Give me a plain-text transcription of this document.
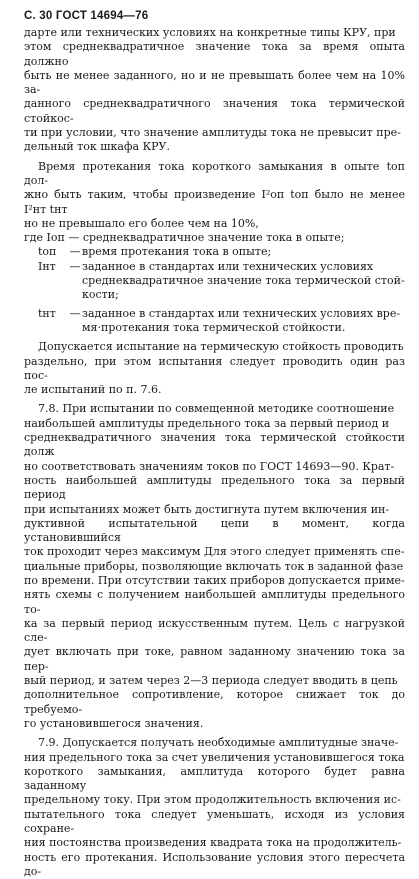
С. 30 ГОСТ 14694—76

дарте или технических условиях на конкретные типы КРУ, при

этом среднеквадратичное значение тока за время опыта должно

быть не менее заданного, но и не превышать более чем на 10% за-

данного среднеквадратичного значения тока термической стойкос-

ти при условии, что значение амплитуды тока не превысит пре-

дельный ток шкафа КРУ.

Время протекания тока короткого замыкания в опыте tоп дол-

жно быть таким, чтобы произведение I²оп tоп было не менее I²нт tнт

но не превышало его более чем на 10%,

где Iоп — среднеквадратичное значение тока в опыте;

tоп	— время протекания тока в опыте;
Iнт	— заданное в стандартах или технических условиях
среднеквадратичное значение тока термической стой-
кости;
tнт	— заданное в стандартах или технических условиях вре-
мя·протекания тока термической стойкости.

Допускается испытание на термическую стойкость проводить

раздельно, при этом испытания следует проводить один раз пос-

ле испытаний по п. 7.6.

7.8. При испытании по совмещенной методике соотношение

наибольшей амплитуды предельного тока за первый период и

среднеквадратичного значения тока термической стойкости долж

но соответствовать значениям токов по ГОСТ 14693—90. Крат-

ность наибольшей амплитуды предельного тока за первый период

при испытаниях может быть достигнута путем включения ин-

дуктивной испытательной цепи в момент, когда установившийся

ток проходит через максимум Для этого следует применять спе-

циальные приборы, позволяющие включать ток в заданной фазе

по времени. При отсутствии таких приборов допускается приме-

нять схемы с получением наибольшей амплитуды предельного то-

ка за первый период искусственным путем. Цель с нагрузкой сле-

дует включать при токе, равном заданному значению тока за пер-

вый период, и затем через 2—3 периода следует вводить в цепь

дополнительное сопротивление, которое снижает ток до требуемо-

го установившегося значения.

7.9. Допускается получать необходимые амплитудные значе-

ния предельного тока за счет увеличения установившегося тока

короткого замыкания, амплитуда которого будет равна заданному

предельному току. При этом продолжительность включения ис-

пытательного тока следует уменьшать, исходя из условия сохране-

ния постоянства произведения квадрата тока на продолжитель-

ность его протекания. Использование условия этого пересчета до-
